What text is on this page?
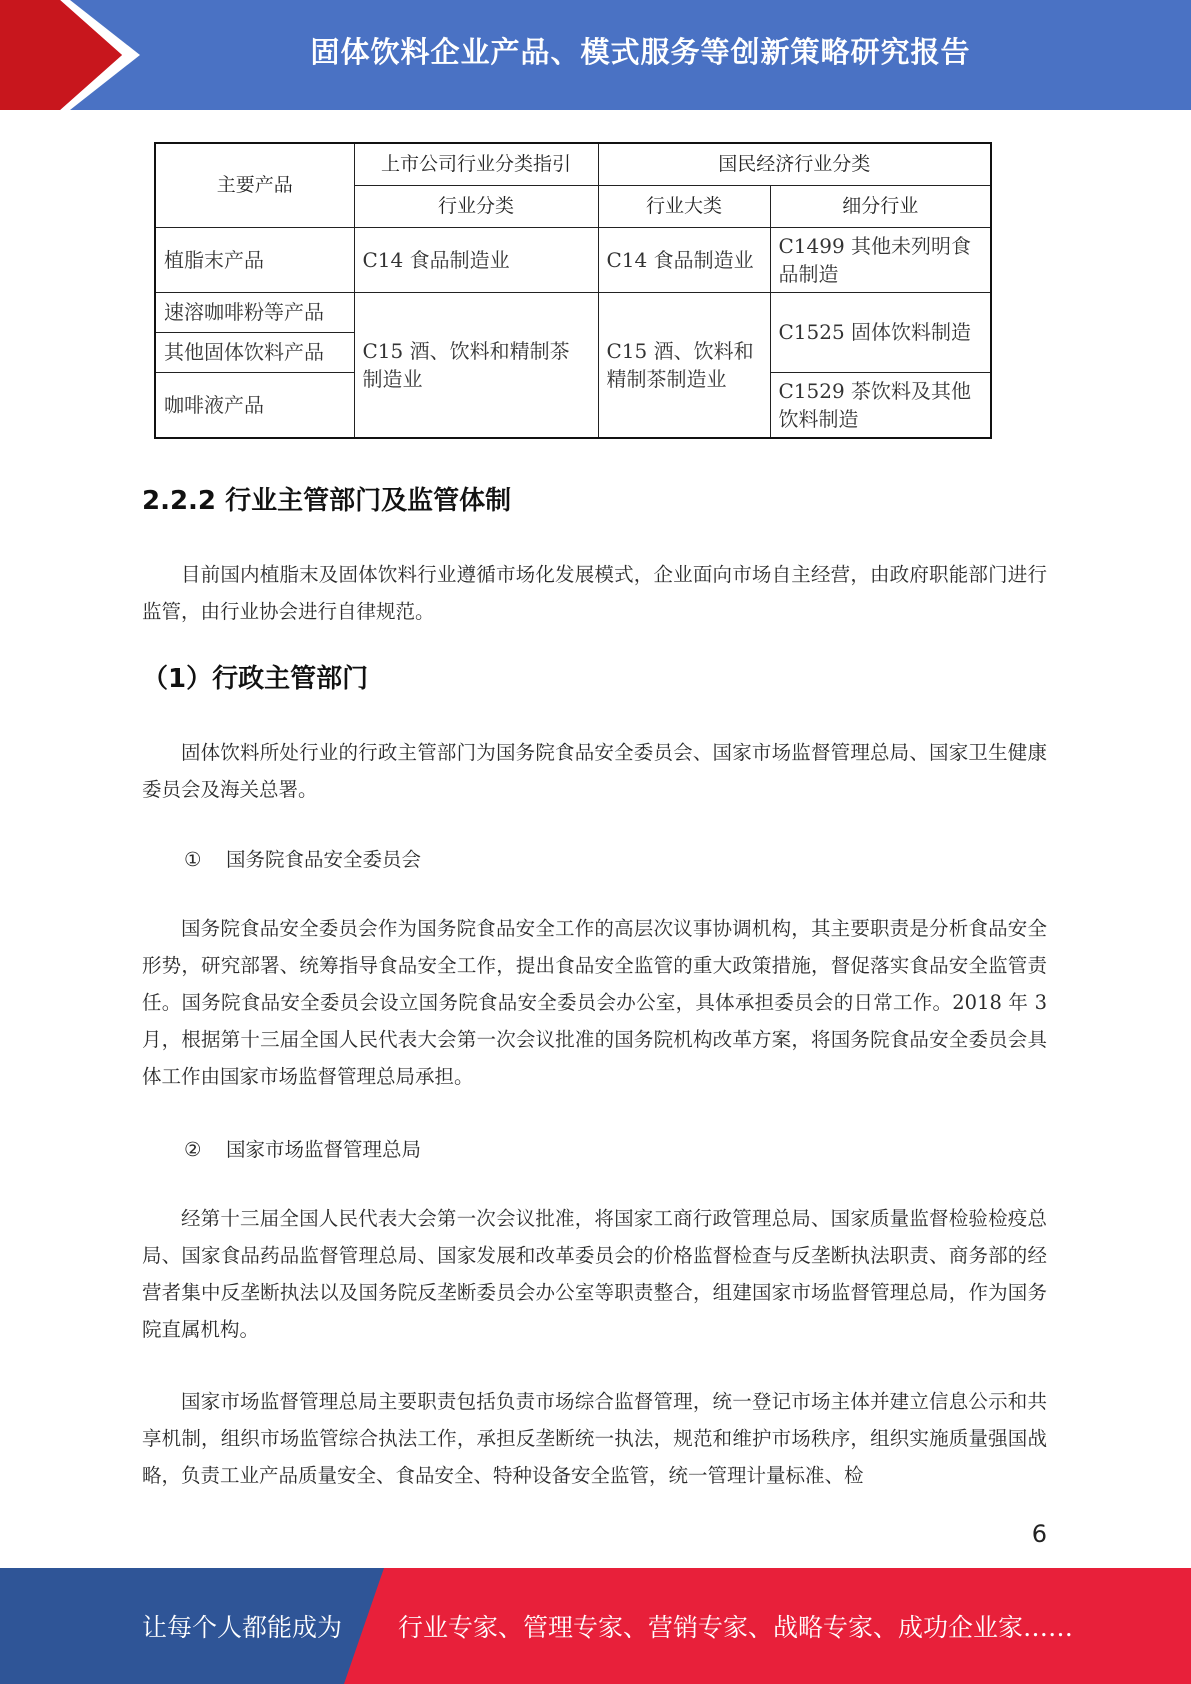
固体饮料企业产品、模式服务等创新策略研究报告
主要产品	上市公司行业分类指引	国民经济行业分类	
	行业分类	行业大类	细分行业
植脂末产品	C14 食品制造业	C14 食品制造业	C1499 其他未列明食品制造
速溶咖啡粉等产品	C15 酒、饮料和精制茶制造业	C15 酒、饮料和精制茶制造业	C1525 固体饮料制造
其他固体饮料产品			
咖啡液产品			C1529 茶饮料及其他饮料制造
2.2.2 行业主管部门及监管体制

目前国内植脂末及固体饮料行业遵循市场化发展模式，企业面向市场自主经营，由政府职能部门进行监管，由行业协会进行自律规范。

（1）行政主管部门

固体饮料所处行业的行政主管部门为国务院食品安全委员会、国家市场监督管理总局、国家卫生健康委员会及海关总署。

① 国务院食品安全委员会

国务院食品安全委员会作为国务院食品安全工作的高层次议事协调机构，其主要职责是分析食品安全形势，研究部署、统筹指导食品安全工作，提出食品安全监管的重大政策措施，督促落实食品安全监管责任。国务院食品安全委员会设立国务院食品安全委员会办公室，具体承担委员会的日常工作。2018 年 3 月，根据第十三届全国人民代表大会第一次会议批准的国务院机构改革方案，将国务院食品安全委员会具体工作由国家市场监督管理总局承担。

② 国家市场监督管理总局

经第十三届全国人民代表大会第一次会议批准，将国家工商行政管理总局、国家质量监督检验检疫总局、国家食品药品监督管理总局、国家发展和改革委员会的价格监督检查与反垄断执法职责、商务部的经营者集中反垄断执法以及国务院反垄断委员会办公室等职责整合，组建国家市场监督管理总局，作为国务院直属机构。

国家市场监督管理总局主要职责包括负责市场综合监督管理，统一登记市场主体并建立信息公示和共享机制，组织市场监管综合执法工作，承担反垄断统一执法，规范和维护市场秩序，组织实施质量强国战略，负责工业产品质量安全、食品安全、特种设备安全监管，统一管理计量标准、检

6
让每个人都能成为 行业专家、管理专家、营销专家、战略专家、成功企业家……
